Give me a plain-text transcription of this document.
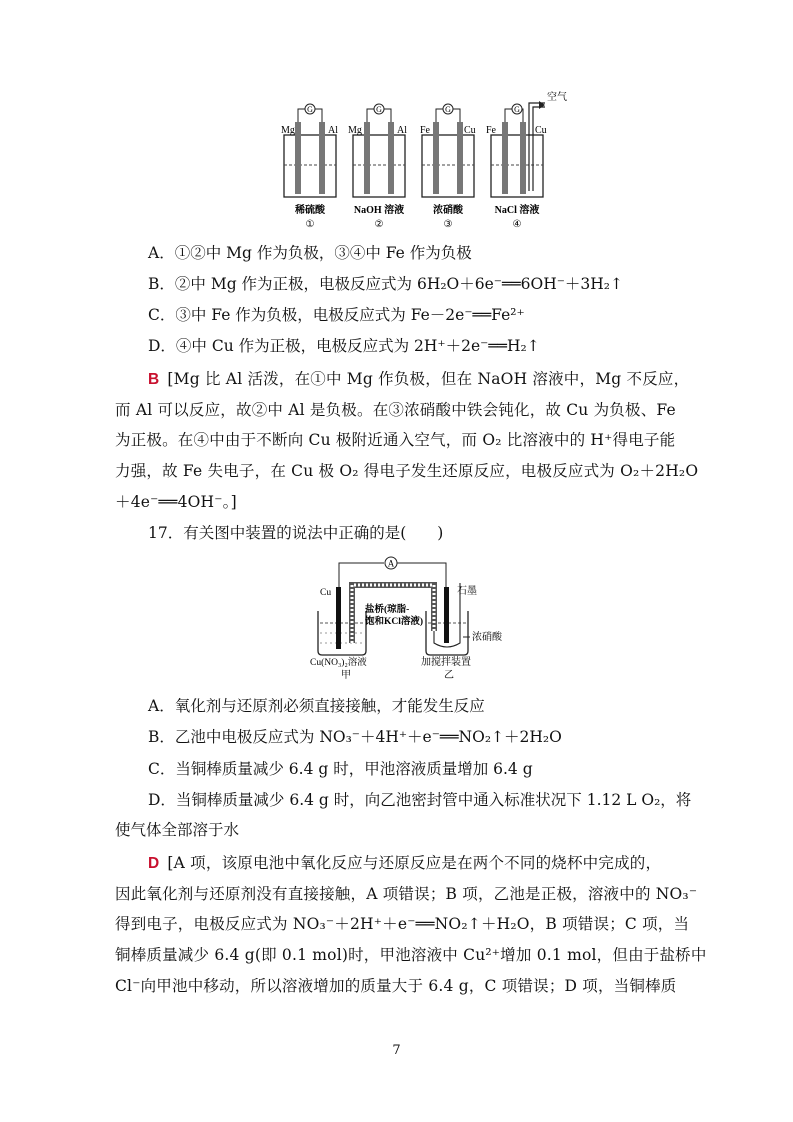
G
Mg	Al
稀硫酸
①
G
Mg	Al
NaOH 溶液
②
G
Fe	Cu
浓硝酸
③
G
Fe	Cu
空气
NaCl 溶液
④
A．①②中 Mg 作为负极，③④中 Fe 作为负极
B．②中 Mg 作为正极，电极反应式为 6H₂O＋6e⁻══6OH⁻＋3H₂↑
C．③中 Fe 作为负极，电极反应式为 Fe－2e⁻══Fe²⁺
D．④中 Cu 作为正极，电极反应式为 2H⁺＋2e⁻══H₂↑
B [Mg 比 Al 活泼，在①中 Mg 作负极，但在 NaOH 溶液中，Mg 不反应，
而 Al 可以反应，故②中 Al 是负极。在③浓硝酸中铁会钝化，故 Cu 为负极、Fe
为正极。在④中由于不断向 Cu 极附近通入空气，而 O₂ 比溶液中的 H⁺得电子能
力强，故 Fe 失电子，在 Cu 极 O₂ 得电子发生还原反应，电极反应式为 O₂＋2H₂O
＋4e⁻══4OH⁻。]
17．有关图中装置的说法中正确的是(　　)
A
Cu	石墨
盐桥(琼脂-
饱和KCl溶液)
浓硝酸
Cu(NO₃)₂溶液	加搅拌装置
甲	乙
A．氧化剂与还原剂必须直接接触，才能发生反应
B．乙池中电极反应式为 NO₃⁻＋4H⁺＋e⁻══NO₂↑＋2H₂O
C．当铜棒质量减少 6.4 g 时，甲池溶液质量增加 6.4 g
D．当铜棒质量减少 6.4 g 时，向乙池密封管中通入标准状况下 1.12 L O₂，将
使气体全部溶于水
D [A 项，该原电池中氧化反应与还原反应是在两个不同的烧杯中完成的，
因此氧化剂与还原剂没有直接接触，A 项错误；B 项，乙池是正极，溶液中的 NO₃⁻
得到电子，电极反应式为 NO₃⁻＋2H⁺＋e⁻══NO₂↑＋H₂O，B 项错误；C 项，当
铜棒质量减少 6.4 g(即 0.1 mol)时，甲池溶液中 Cu²⁺增加 0.1 mol，但由于盐桥中
Cl⁻向甲池中移动，所以溶液增加的质量大于 6.4 g，C 项错误；D 项，当铜棒质
7
